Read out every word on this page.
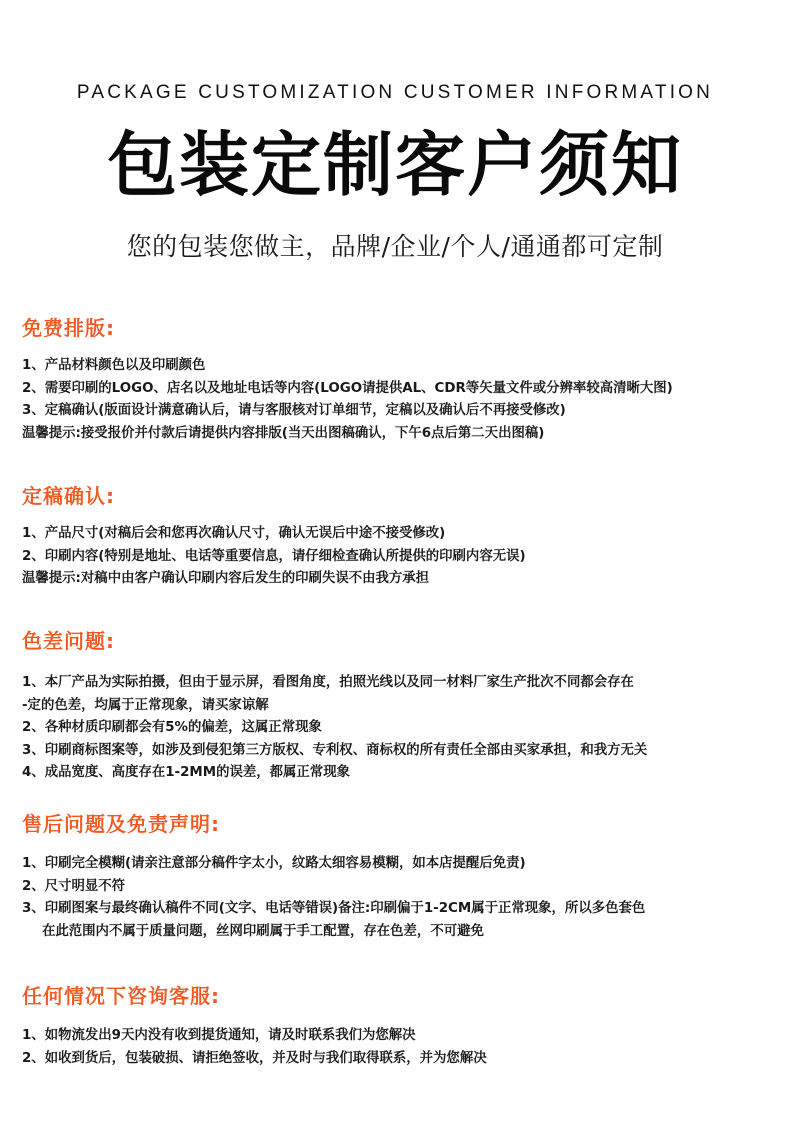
PACKAGE CUSTOMIZATION CUSTOMER INFORMATION
包装定制客户须知
您的包装您做主，品牌/企业/个人/通通都可定制
免费排版:
1、产品材料颜色以及印刷颜色
2、需要印刷的LOGO、店名以及地址电话等内容(LOGO请提供AL、CDR等矢量文件或分辨率较高清晰大图)
3、定稿确认(版面设计满意确认后，请与客服核对订单细节，定稿以及确认后不再接受修改)
温馨提示:接受报价并付款后请提供内容排版(当天出图稿确认，下午6点后第二天出图稿)
定稿确认:
1、产品尺寸(对稿后会和您再次确认尺寸，确认无误后中途不接受修改)
2、印刷内容(特别是地址、电话等重要信息，请仔细检查确认所提供的印刷内容无误)
温馨提示:对稿中由客户确认印刷内容后发生的印刷失误不由我方承担
色差问题:
1、本厂产品为实际拍摄，但由于显示屏，看图角度，拍照光线以及同一材料厂家生产批次不同都会存在
-定的色差，均属于正常现象，请买家谅解
2、各种材质印刷都会有5%的偏差，这属正常现象
3、印刷商标图案等，如涉及到侵犯第三方版权、专利权、商标权的所有责任全部由买家承担，和我方无关
4、成品宽度、高度存在1-2MM的误差，都属正常现象
售后问题及免责声明:
1、印刷完全模糊(请亲注意部分稿件字太小，纹路太细容易模糊，如本店提醒后免责)
2、尺寸明显不符
3、印刷图案与最终确认稿件不同(文字、电话等错误)备注:印刷偏于1-2CM属于正常现象，所以多色套色
在此范围内不属于质量问题，丝网印刷属于手工配置，存在色差，不可避免
任何情况下咨询客服:
1、如物流发出9天内没有收到提货通知，请及时联系我们为您解决
2、如收到货后，包装破损、请拒绝签收，并及时与我们取得联系，并为您解决
